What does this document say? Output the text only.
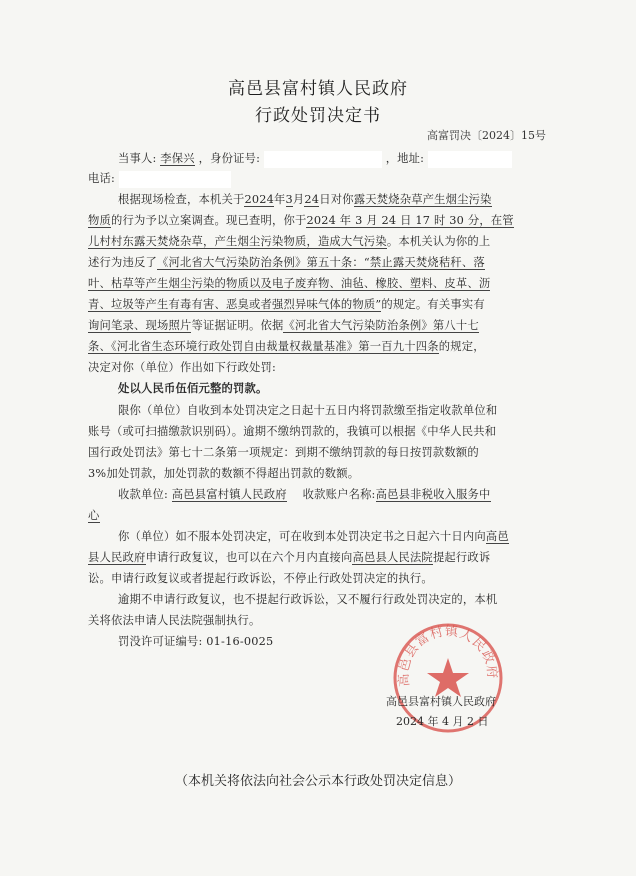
高邑县富村镇人民政府
行政处罚决定书
高富罚决〔2024〕15号
当事人: 李保兴 ，身份证号:	，地址:
电话:
根据现场检查，本机关于2024年3月24日对你露天焚烧杂草产生烟尘污染
物质的行为予以立案调查。现已查明，你于2024 年 3 月 24 日 17 时 30 分，在管
儿村村东露天焚烧杂草，产生烟尘污染物质，造成大气污染。本机关认为你的上
述行为违反了《河北省大气污染防治条例》第五十条：“禁止露天焚烧秸秆、落
叶、枯草等产生烟尘污染的物质以及电子废弃物、油毡、橡胶、塑料、皮革、沥
青、垃圾等产生有毒有害、恶臭或者强烈异味气体的物质”的规定。有关事实有
询问笔录、现场照片等证据证明。依据《河北省大气污染防治条例》第八十七
条、《河北省生态环境行政处罚自由裁量权裁量基准》第一百九十四条的规定，
决定对你（单位）作出如下行政处罚:
处以人民币伍佰元整的罚款。
限你（单位）自收到本处罚决定之日起十五日内将罚款缴至指定收款单位和
账号（或可扫描缴款识别码）。逾期不缴纳罚款的，我镇可以根据《中华人民共和
国行政处罚法》第七十二条第一项规定：到期不缴纳罚款的每日按罚款数额的
3%加处罚款，加处罚款的数额不得超出罚款的数额。
收款单位: 高邑县富村镇人民政府 收款账户名称:高邑县非税收入服务中
心
你（单位）如不服本处罚决定，可在收到本处罚决定书之日起六十日内向高邑
县人民政府申请行政复议，也可以在六个月内直接向高邑县人民法院提起行政诉
讼。申请行政复议或者提起行政诉讼，不停止行政处罚决定的执行。
逾期不申请行政复议，也不提起行政诉讼，又不履行行政处罚决定的，本机
关将依法申请人民法院强制执行。
罚没许可证编号: 01-16-0025
高邑县富村镇人民政府
高邑县富村镇人民政府
2024 年 4 月 2 日
（本机关将依法向社会公示本行政处罚决定信息）
